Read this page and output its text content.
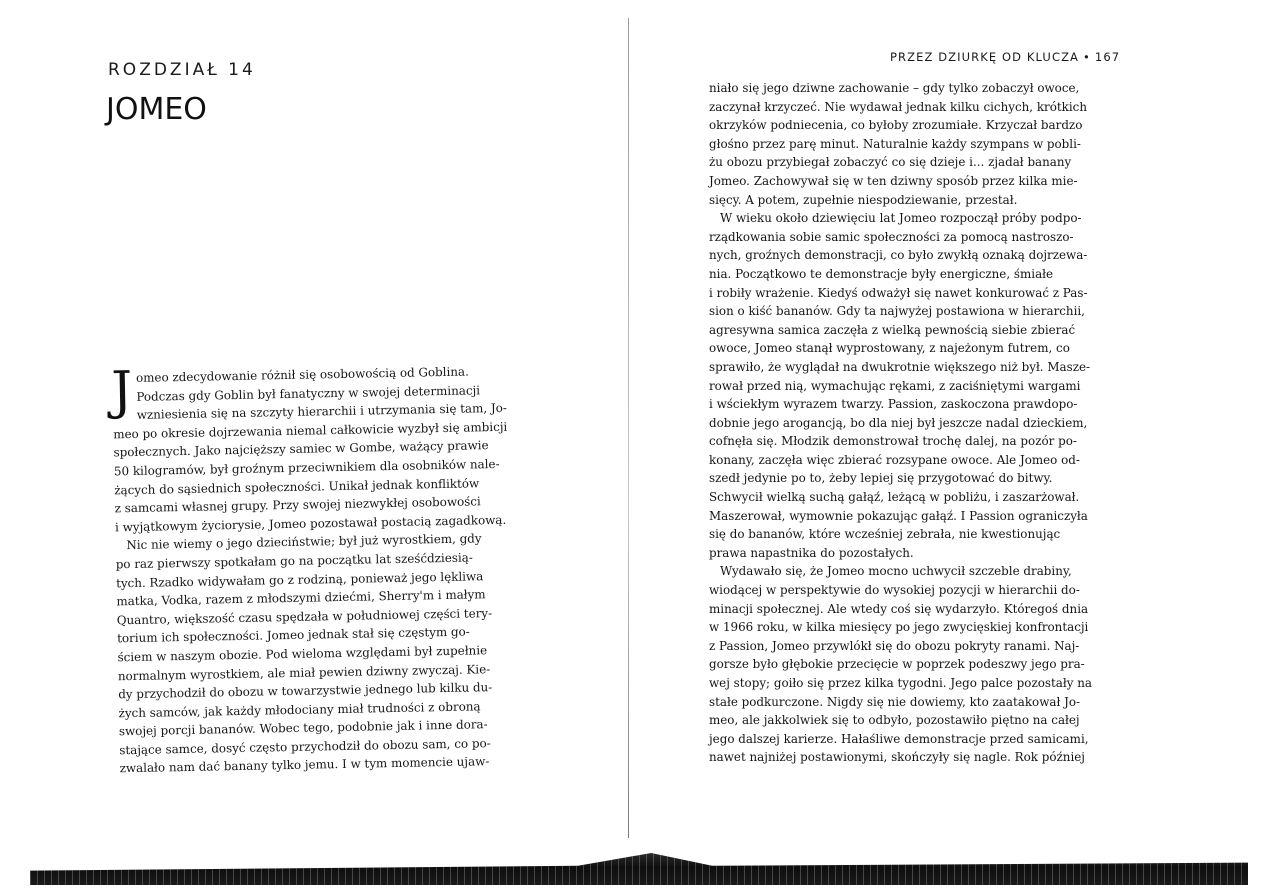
ROZDZIAŁ 14
JOMEO
PRZEZ DZIURKĘ OD KLUCZA • 167

J omeo zdecydowanie różnił się osobowością od Goblina.
Podczas gdy Goblin był fanatyczny w swojej determinacji
wzniesienia się na szczyty hierarchii i utrzymania się tam, Jo-
meo po okresie dojrzewania niemal całkowicie wyzbył się ambicji
społecznych. Jako najcięższy samiec w Gombe, ważący prawie
50 kilogramów, był groźnym przeciwnikiem dla osobników nale-
żących do sąsiednich społeczności. Unikał jednak konfliktów
z samcami własnej grupy. Przy swojej niezwykłej osobowości
i wyjątkowym życiorysie, Jomeo pozostawał postacią zagadkową.
Nic nie wiemy o jego dzieciństwie; był już wyrostkiem, gdy
po raz pierwszy spotkałam go na początku lat sześćdziesią-
tych. Rzadko widywałam go z rodziną, ponieważ jego lękliwa
matka, Vodka, razem z młodszymi dziećmi, Sherry'm i małym
Quantro, większość czasu spędzała w południowej części tery-
torium ich społeczności. Jomeo jednak stał się częstym go-
ściem w naszym obozie. Pod wieloma względami był zupełnie
normalnym wyrostkiem, ale miał pewien dziwny zwyczaj. Kie-
dy przychodził do obozu w towarzystwie jednego lub kilku du-
żych samców, jak każdy młodociany miał trudności z obroną
swojej porcji bananów. Wobec tego, podobnie jak i inne dora-
stające samce, dosyć często przychodził do obozu sam, co po-
zwalało nam dać banany tylko jemu. I w tym momencie ujaw-

niało się jego dziwne zachowanie – gdy tylko zobaczył owoce,
zaczynał krzyczeć. Nie wydawał jednak kilku cichych, krótkich
okrzyków podniecenia, co byłoby zrozumiałe. Krzyczał bardzo
głośno przez parę minut. Naturalnie każdy szympans w pobli-
żu obozu przybiegał zobaczyć co się dzieje i... zjadał banany
Jomeo. Zachowywał się w ten dziwny sposób przez kilka mie-
sięcy. A potem, zupełnie niespodziewanie, przestał.
W wieku około dziewięciu lat Jomeo rozpoczął próby podpo-
rządkowania sobie samic społeczności za pomocą nastroszo-
nych, groźnych demonstracji, co było zwykłą oznaką dojrzewa-
nia. Początkowo te demonstracje były energiczne, śmiałe
i robiły wrażenie. Kiedyś odważył się nawet konkurować z Pas-
sion o kiść bananów. Gdy ta najwyżej postawiona w hierarchii,
agresywna samica zaczęła z wielką pewnością siebie zbierać
owoce, Jomeo stanął wyprostowany, z najeżonym futrem, co
sprawiło, że wyglądał na dwukrotnie większego niż był. Masze-
rował przed nią, wymachując rękami, z zaciśniętymi wargami
i wściekłym wyrazem twarzy. Passion, zaskoczona prawdopo-
dobnie jego arogancją, bo dla niej był jeszcze nadal dzieckiem,
cofnęła się. Młodzik demonstrował trochę dalej, na pozór po-
konany, zaczęła więc zbierać rozsypane owoce. Ale Jomeo od-
szedł jedynie po to, żeby lepiej się przygotować do bitwy.
Schwycił wielką suchą gałąź, leżącą w pobliżu, i zaszarżował.
Maszerował, wymownie pokazując gałąź. I Passion ograniczyła
się do bananów, które wcześniej zebrała, nie kwestionując
prawa napastnika do pozostałych.
Wydawało się, że Jomeo mocno uchwycił szczeble drabiny,
wiodącej w perspektywie do wysokiej pozycji w hierarchii do-
minacji społecznej. Ale wtedy coś się wydarzyło. Któregoś dnia
w 1966 roku, w kilka miesięcy po jego zwycięskiej konfrontacji
z Passion, Jomeo przywlókł się do obozu pokryty ranami. Naj-
gorsze było głębokie przecięcie w poprzek podeszwy jego pra-
wej stopy; goiło się przez kilka tygodni. Jego palce pozostały na
stałe podkurczone. Nigdy się nie dowiemy, kto zaatakował Jo-
meo, ale jakkolwiek się to odbyło, pozostawiło piętno na całej
jego dalszej karierze. Hałaśliwe demonstracje przed samicami,
nawet najniżej postawionymi, skończyły się nagle. Rok później
